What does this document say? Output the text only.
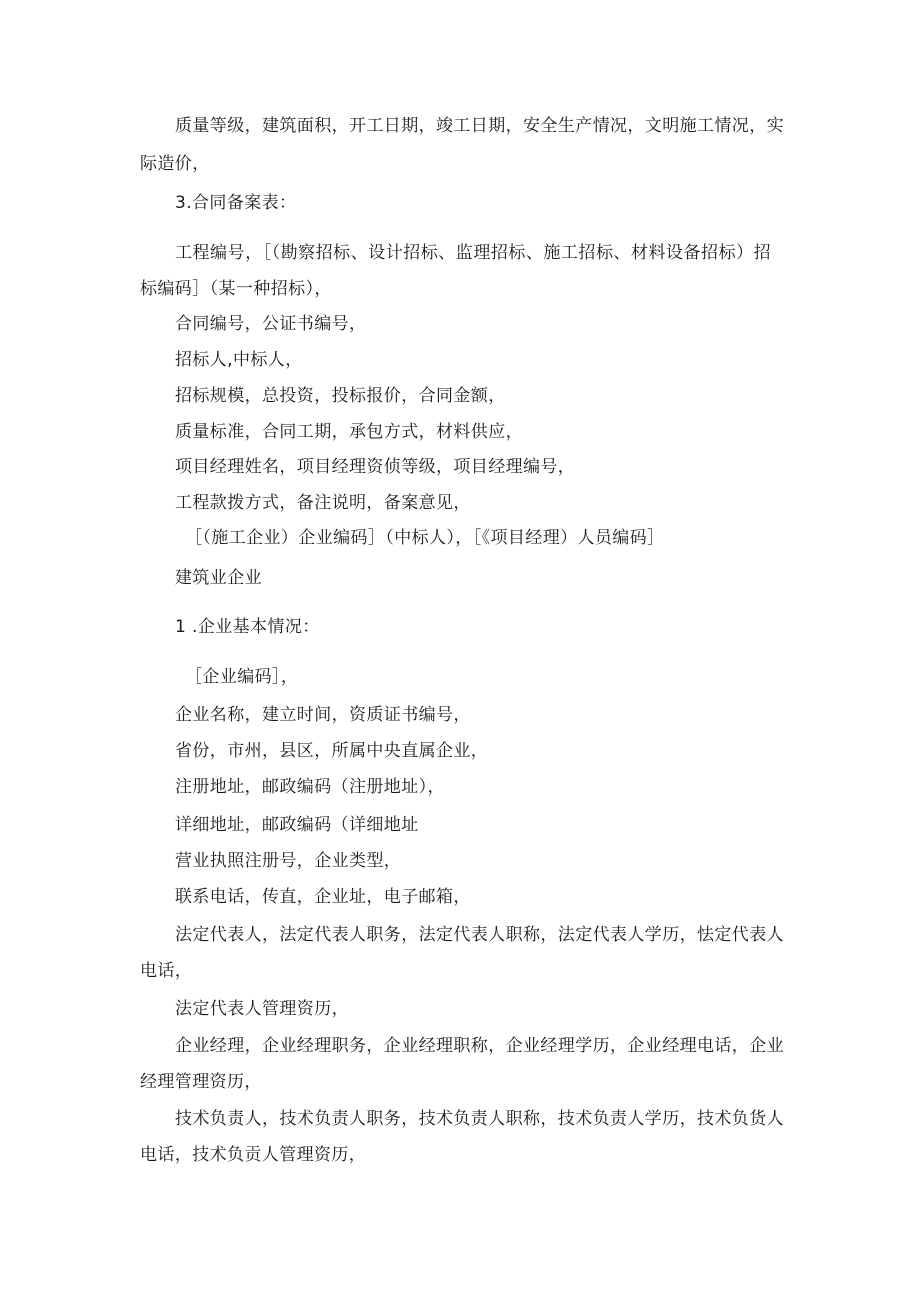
质量等级，建筑面积，开工日期，竣工日期，安全生产情况，文明施工情况，实
际造价，
3.合同备案表：
工程编号，［（勘察招标、设计招标、监理招标、施工招标、材料设备招标）招
标编码］（某一种招标），
合同编号，公证书编号，
招标人,中标人，
招标规模，总投资，投标报价，合同金额，
质量标准，合同工期，承包方式，材料供应，
项目经理姓名，项目经理资侦等级，项目经理编号，
工程款拨方式，备注说明，备案意见，
［（施工企业）企业编码］（中标人），［《项目经理）人员编码］
建筑业企业
1 .企业基本情况：
［企业编码］，
企业名称，建立时间，资质证书编号，
省份，市州，县区，所属中央直属企业，
注册地址，邮政编码（注册地址），
详细地址，邮政编码（详细地址
营业执照注册号，企业类型，
联系电话，传直，企业址，电子邮箱，
法定代表人，法定代表人职务，法定代表人职称，法定代表人学历，怯定代表人
电话，
法定代表人管理资历，
企业经理，企业经理职务，企业经理职称，企业经理学历，企业经理电话，企业
经理管理资历，
技术负责人，技术负责人职务，技术负责人职称，技术负责人学历，技术负货人
电话，技术负贡人管理资历，
